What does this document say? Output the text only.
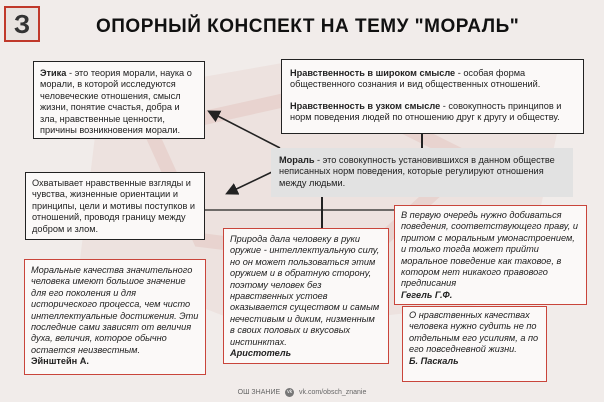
З	ОПОРНЫЙ КОНСПЕКТ НА ТЕМУ "МОРАЛЬ"

Этика - это теория морали, наука о морали, в которой исследуются человеческие отношения, смысл жизни, понятие счастья, добра и зла, нравственные ценности, причины возникновения морали.

Нравственность в широком смысле - особая форма общественного сознания и вид общественных отношений.

Нравственность в узком смысле - совокупность принципов и норм поведения людей по отношению друг к другу и обществу.

Мораль - это совокупность установившихся в данном обществе неписанных норм поведения, которые регулируют отношения между людьми.

Охватывает нравственные взгляды и чувства, жизненные ориентации и принципы, цели и мотивы поступков и отношений, проводя границу между добром и злом.

Моральные качества значительного человека имеют большое значение для его поколения и для исторического процесса, чем чисто интеллектуальные достижения. Эти последние сами зависят от величия духа, величия, которое обычно остается неизвестным.

Эйнштейн А.

Природа дала человеку в руки оружие - интеллектуальную силу, но он может пользоваться этим оружием и в обратную сторону, поэтому человек без нравственных устоев оказывается существом и самым нечестивым и диким, низменным в своих половых и вкусовых инстинктах.

Аристотель

В первую очередь нужно добиваться поведения, соответствующего праву, и притом с моральным умонастроением, и только тогда может прийти моральное поведение как таковое, в котором нет никакого правового предписания

Гегель Г.Ф.

О нравственных качествах человека нужно судить не по отдельным его усилиям, а по его повседневной жизни.

Б. Паскаль
ОШ ЗНАНИЕ vk vk.com/obsch_znanie
